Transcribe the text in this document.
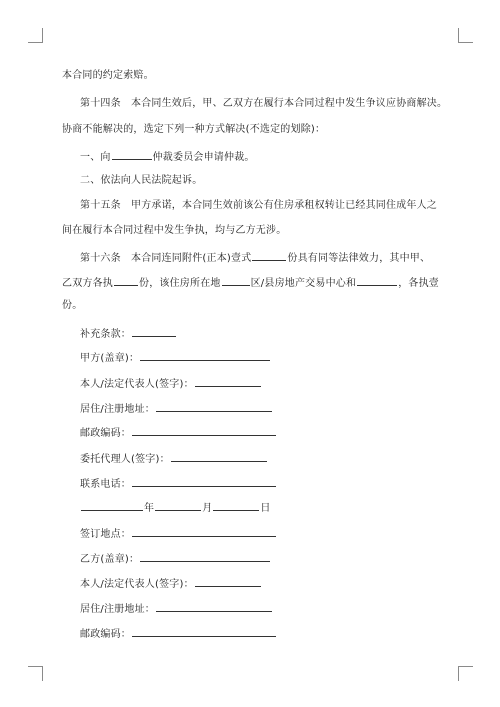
本合同的约定索赔。
第十四条　本合同生效后，甲、乙双方在履行本合同过程中发生争议应协商解决。
协商不能解决的，选定下列一种方式解决(不选定的划除)：
一、向	仲裁委员会申请仲裁。
二、依法向人民法院起诉。
第十五条　甲方承诺，本合同生效前该公有住房承租权转让已经其同住成年人之
间在履行本合同过程中发生争执，均与乙方无涉。
第十六条　本合同连同附件(正本)壹式	份具有同等法律效力，其中甲、
乙双方各执	份，该住房所在地	区/县房地产交易中心和	，各执壹
份。
补充条款：
甲方(盖章)：
本人/法定代表人(签字)：
居住/注册地址：
邮政编码：
委托代理人(签字)：
联系电话：
年	月	日
签订地点：
乙方(盖章)：
本人/法定代表人(签字)：
居住/注册地址：
邮政编码：
